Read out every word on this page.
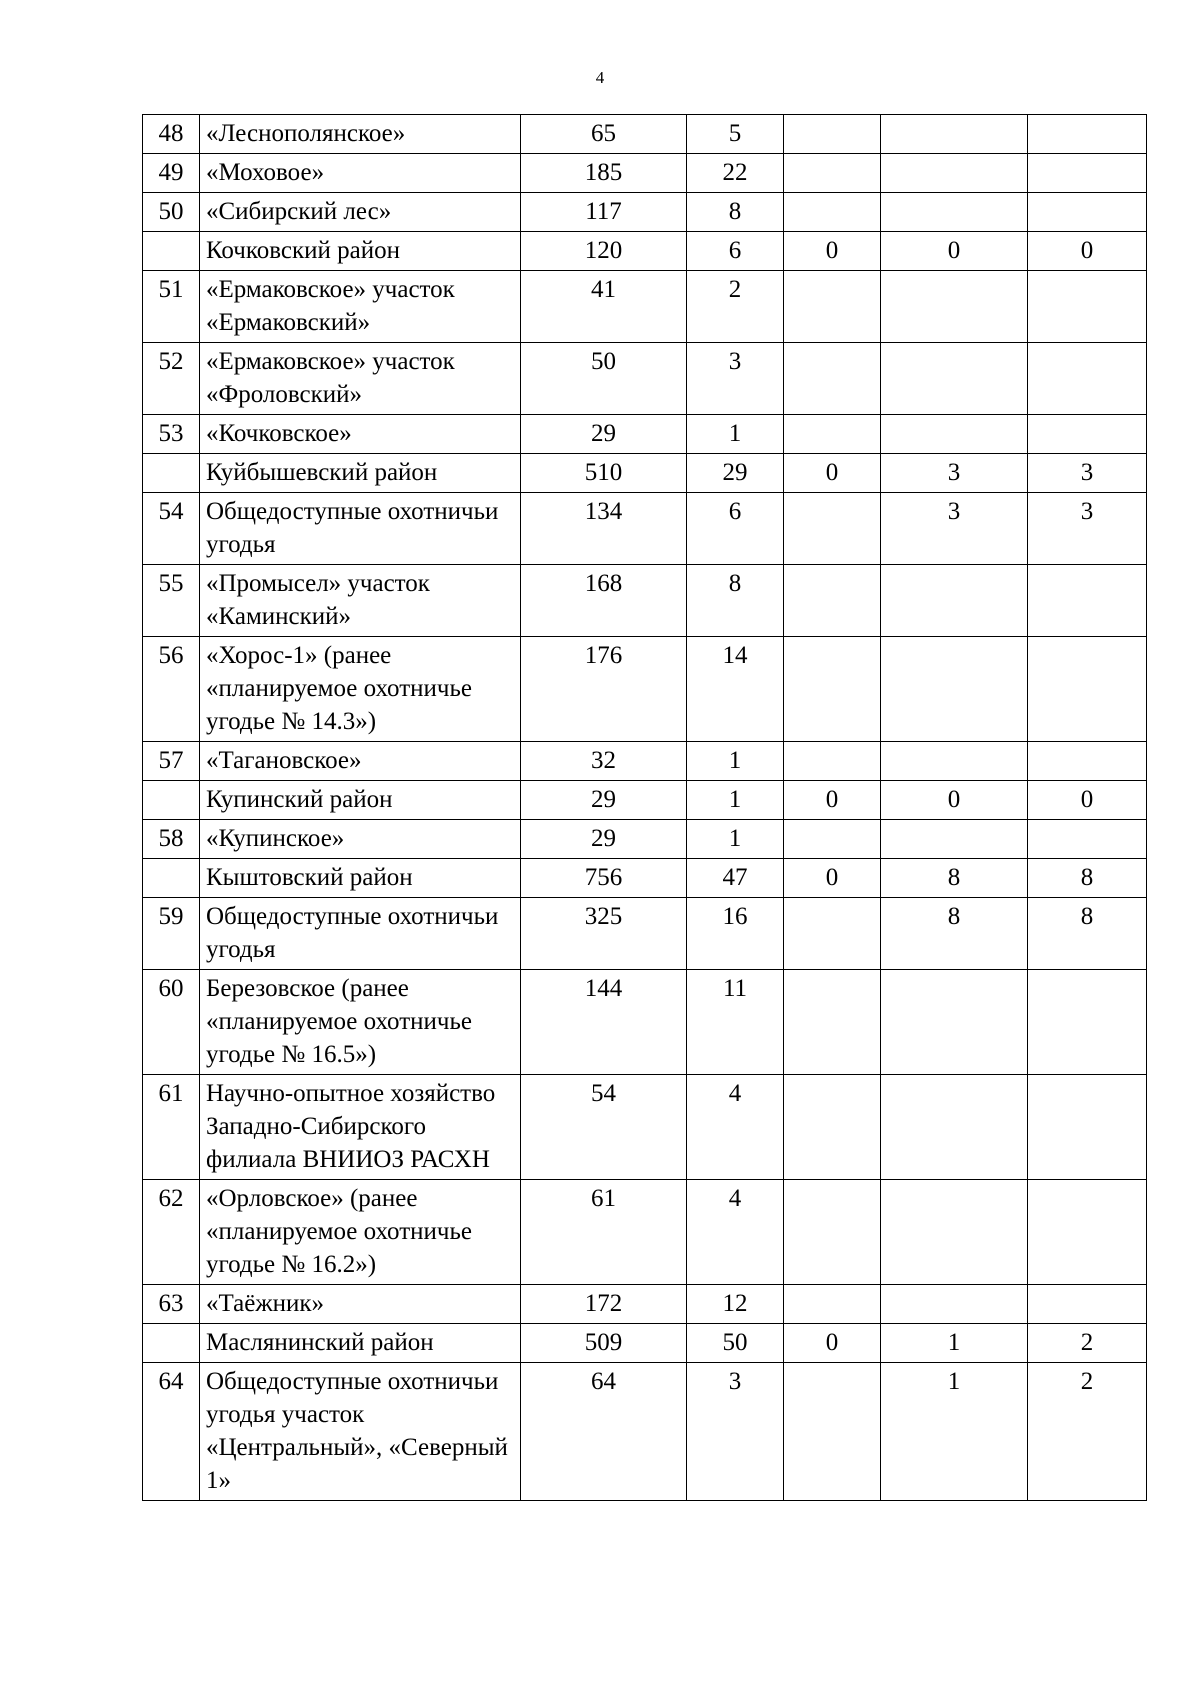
4
48	«Леснополянское»	65	5			
49	«Моховое»	185	22			
50	«Сибирский лес»	117	8			
	Кочковский район	120	6	0	0	0
51	«Ермаковское» участок «Ермаковский»	41	2			
52	«Ермаковское» участок «Фроловский»	50	3			
53	«Кочковское»	29	1			
	Куйбышевский район	510	29	0	3	3
54	Общедоступные охотничьи угодья	134	6		3	3
55	«Промысел» участок «Каминский»	168	8			
56	«Хорос-1» (ранее «планируемое охотничье угодье № 14.3»)	176	14			
57	«Тагановское»	32	1			
	Купинский район	29	1	0	0	0
58	«Купинское»	29	1			
	Кыштовский район	756	47	0	8	8
59	Общедоступные охотничьи угодья	325	16		8	8
60	Березовское (ранее «планируемое охотничье угодье № 16.5»)	144	11			
61	Научно-опытное хозяйство Западно-Сибирского филиала ВНИИОЗ РАСХН	54	4			
62	«Орловское» (ранее «планируемое охотничье угодье № 16.2»)	61	4			
63	«Таёжник»	172	12			
	Маслянинский район	509	50	0	1	2
64	Общедоступные охотничьи угодья участок «Центральный», «Северный 1»	64	3		1	2
